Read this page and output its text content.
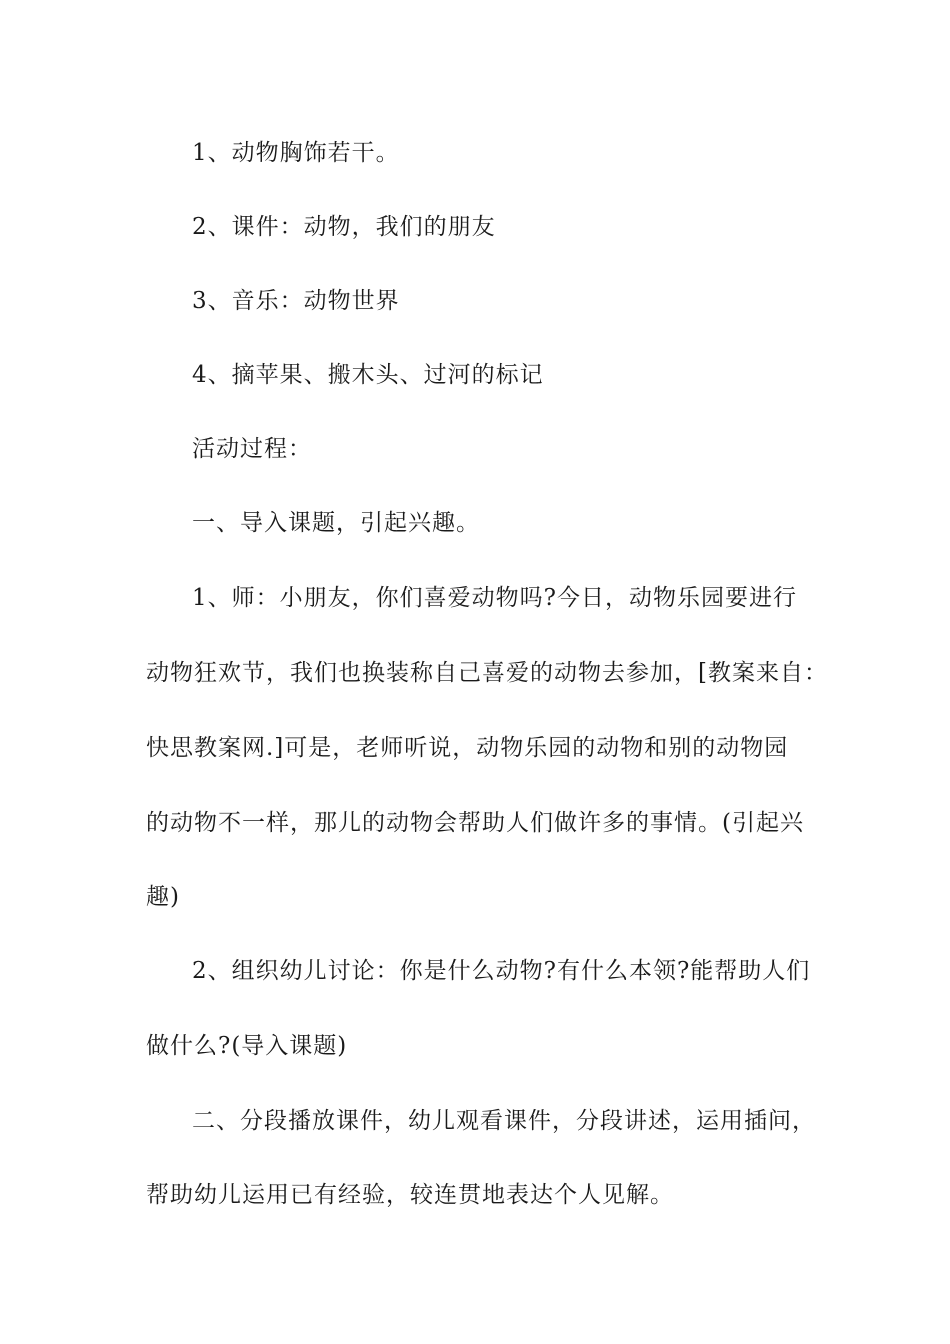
1、动物胸饰若干。
2、课件：动物，我们的朋友
3、音乐：动物世界
4、摘苹果、搬木头、过河的标记
活动过程：
一、导入课题，引起兴趣。
1、师：小朋友，你们喜爱动物吗?今日，动物乐园要进行
动物狂欢节，我们也换装称自己喜爱的动物去参加，[教案来自：
快思教案网.]可是，老师听说，动物乐园的动物和别的动物园
的动物不一样，那儿的动物会帮助人们做许多的事情。(引起兴
趣)
2、组织幼儿讨论：你是什么动物?有什么本领?能帮助人们
做什么?(导入课题)
二、分段播放课件，幼儿观看课件，分段讲述，运用插问，
帮助幼儿运用已有经验，较连贯地表达个人见解。
